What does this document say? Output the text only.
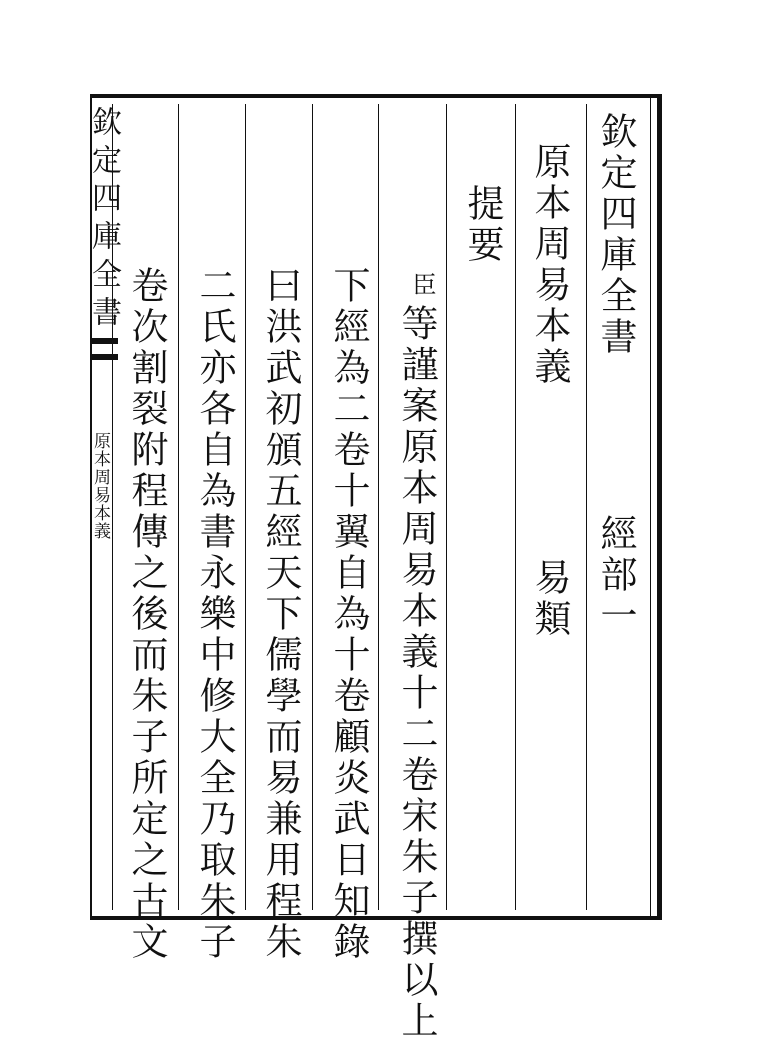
欽定四庫全書
原本周易本義
欽定四庫全書
經部一
原本周易本義
易類
提要
臣
等謹案原本周易本義十二卷宋朱子撰以上
下經為二卷十翼自為十卷顧炎武日知錄
曰洪武初頒五經天下儒學而易兼用程朱
二氏亦各自為書永樂中修大全乃取朱子
卷次割裂附程傳之後而朱子所定之古文
